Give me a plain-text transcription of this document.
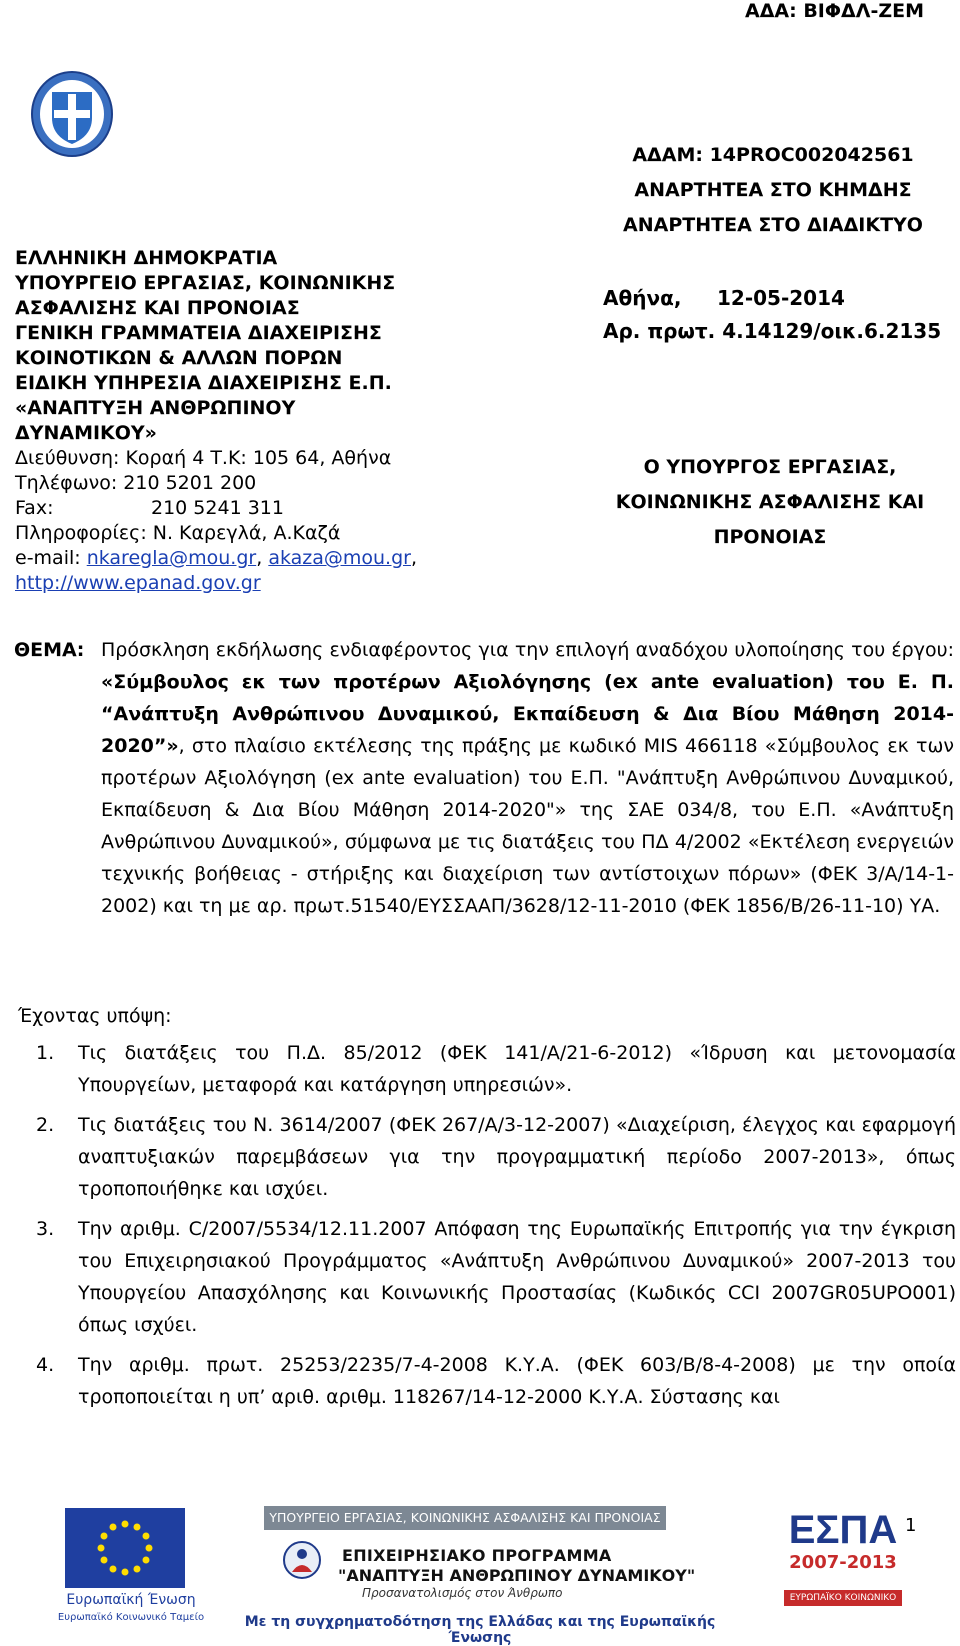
ΑΔΑ: ΒΙΦΔΛ-ΖΕΜ
ΕΛΛΗΝΙΚΗ ΔΗΜΟΚΡΑΤΙΑ
ΥΠΟΥΡΓΕΙΟ ΕΡΓΑΣΙΑΣ, ΚΟΙΝΩΝΙΚΗΣ
ΑΣΦΑΛΙΣΗΣ ΚΑΙ ΠΡΟΝΟΙΑΣ
ΓΕΝΙΚΗ ΓΡΑΜΜΑΤΕΙΑ ΔΙΑΧΕΙΡΙΣΗΣ
ΚΟΙΝΟΤΙΚΩΝ & ΑΛΛΩΝ ΠΟΡΩΝ
ΕΙΔΙΚΗ ΥΠΗΡΕΣΙΑ ΔΙΑΧΕΙΡΙΣΗΣ Ε.Π.
«ΑΝΑΠΤΥΞΗ ΑΝΘΡΩΠΙΝΟΥ
ΔΥΝΑΜΙΚΟΥ»
Διεύθυνση: Κοραή 4 Τ.Κ: 105 64, Αθήνα
Τηλέφωνο: 210 5201 200
Fax:	210 5241 311
Πληροφορίες: Ν. Καρεγλά, Α.Καζά
e-mail: nkaregla@mou.gr, akaza@mou.gr,
http://www.epanad.gov.gr
ΑΔΑΜ: 14PROC002042561
ΑΝΑΡΤΗΤΕΑ ΣΤΟ ΚΗΜΔΗΣ
ΑΝΑΡΤΗΤΕΑ ΣΤΟ ΔΙΑΔΙΚΤΥΟ
Αθήνα, 12-05-2014
Αρ. πρωτ. 4.14129/οικ.6.2135
Ο ΥΠΟΥΡΓΟΣ ΕΡΓΑΣΙΑΣ,
ΚΟΙΝΩΝΙΚΗΣ ΑΣΦΑΛΙΣΗΣ ΚΑΙ
ΠΡΟΝΟΙΑΣ
ΘΕΜΑ: Πρόσκληση εκδήλωσης ενδιαφέροντος για την επιλογή αναδόχου υλοποίησης του έργου: «Σύμβουλος εκ των προτέρων Αξιολόγησης (ex ante evaluation) του Ε. Π. “Ανάπτυξη Ανθρώπινου Δυναμικού, Εκπαίδευση & Δια Βίου Μάθηση 2014-2020”», στο πλαίσιο εκτέλεσης της πράξης με κωδικό MIS 466118 «Σύμβουλος εκ των προτέρων Αξιολόγηση (ex ante evaluation) του Ε.Π. "Ανάπτυξη Ανθρώπινου Δυναμικού, Εκπαίδευση & Δια Βίου Μάθηση 2014-2020"» της ΣΑΕ 034/8, του Ε.Π. «Ανάπτυξη Ανθρώπινου Δυναμικού», σύμφωνα με τις διατάξεις του ΠΔ 4/2002 «Εκτέλεση ενεργειών τεχνικής βοήθειας - στήριξης και διαχείριση των αντίστοιχων πόρων» (ΦΕΚ 3/Α/14-1-2002) και τη με αρ. πρωτ.51540/ΕΥΣΣΑΑΠ/3628/12-11-2010 (ΦΕΚ 1856/Β/26-11-10) ΥΑ.
Έχοντας υπόψη:
1. Τις διατάξεις του Π.Δ. 85/2012 (ΦΕΚ 141/Α/21-6-2012) «Ίδρυση και μετονομασία Υπουργείων, μεταφορά και κατάργηση υπηρεσιών».
2. Τις διατάξεις του Ν. 3614/2007 (ΦΕΚ 267/Α/3-12-2007) «Διαχείριση, έλεγχος και εφαρμογή αναπτυξιακών παρεμβάσεων για την προγραμματική περίοδο 2007-2013», όπως τροποποιήθηκε και ισχύει.
3. Την αριθμ. C/2007/5534/12.11.2007 Απόφαση της Ευρωπαϊκής Επιτροπής για την έγκριση του Επιχειρησιακού Προγράμματος «Ανάπτυξη Ανθρώπινου Δυναμικού» 2007-2013 του Υπουργείου Απασχόλησης και Κοινωνικής Προστασίας (Κωδικός CCI 2007GR05UPO001) όπως ισχύει.
4. Την αριθμ. πρωτ. 25253/2235/7-4-2008 Κ.Υ.Α. (ΦΕΚ 603/Β/8-4-2008) με την οποία τροποποιείται η υπ’ αριθ. αριθμ. 118267/14-12-2000 Κ.Υ.Α. Σύστασης και
Ευρωπαϊκή Ένωση
Ευρωπαϊκό Κοινωνικό Ταμείο
ΥΠΟΥΡΓΕΙΟ ΕΡΓΑΣΙΑΣ, ΚΟΙΝΩΝΙΚΗΣ ΑΣΦΑΛΙΣΗΣ ΚΑΙ ΠΡΟΝΟΙΑΣ
ΕΠΙΧΕΙΡΗΣΙΑΚΟ ΠΡΟΓΡΑΜΜΑ
"ΑΝΑΠΤΥΞΗ ΑΝΘΡΩΠΙΝΟΥ ΔΥΝΑΜΙΚΟΥ"
Προσανατολισμός στον Άνθρωπο
ΕΣΠΑ
2007-2013
ΕΥΡΩΠΑΪΚΟ ΚΟΙΝΩΝΙΚΟ ΤΑΜΕΙΟ
1
Με τη συγχρηματοδότηση της Ελλάδας και της Ευρωπαϊκής Ένωσης
